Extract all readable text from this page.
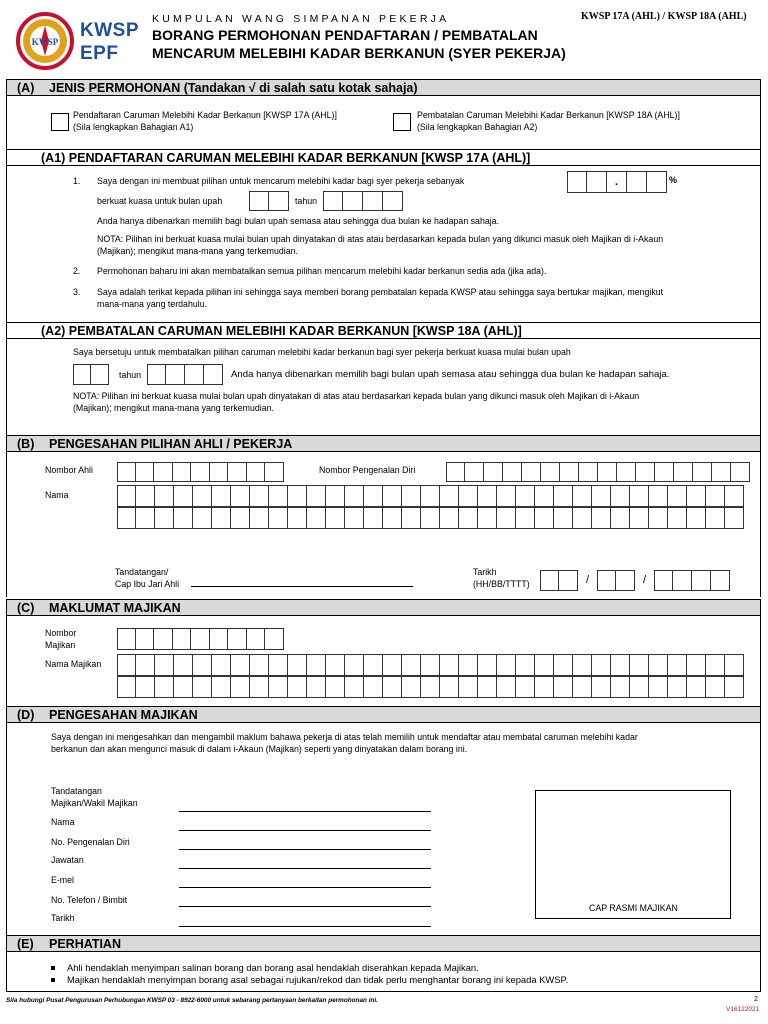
KWSP
KWSP
EPF
KUMPULAN WANG SIMPANAN PEKERJA	KWSP 17A (AHL) / KWSP 18A (AHL)
BORANG PERMOHONAN PENDAFTARAN / PEMBATALAN
MENCARUM MELEBIHI KADAR BERKANUN (SYER PEKERJA)
(A) JENIS PERMOHONAN (Tandakan √ di salah satu kotak sahaja)
Pendaftaran Caruman Melebihi Kadar Berkanun [KWSP 17A (AHL)]
(Sila lengkapkan Bahagian A1)
Pembatalan Caruman Melebihi Kadar Berkanun [KWSP 18A (AHL)]
(Sila lengkapkan Bahagian A2)
(A1) PENDAFTARAN CARUMAN MELEBIHI KADAR BERKANUN [KWSP 17A (AHL)]
1. Saya dengan ini membuat pilihan untuk mencarum melebihi kadar bagi syer pekerja sebanyak	.	%
berkuat kuasa untuk bulan upah	tahun
Anda hanya dibenarkan memilih bagi bulan upah semasa atau sehingga dua bulan ke hadapan sahaja.
NOTA: Pilihan ini berkuat kuasa mulai bulan upah dinyatakan di atas atau berdasarkan kepada bulan yang dikunci masuk oleh Majikan di i-Akaun
(Majikan); mengikut mana-mana yang terkemudian.
2. Permohonan baharu ini akan membatalkan semua pilihan mencarum melebihi kadar berkanun sedia ada (jika ada).
3. Saya adalah terikat kepada pilihan ini sehingga saya memberi borang pembatalan kepada KWSP atau sehingga saya bertukar majikan, mengikut
mana-mana yang terdahulu.
(A2) PEMBATALAN CARUMAN MELEBIHI KADAR BERKANUN [KWSP 18A (AHL)]
Saya bersetuju untuk membatalkan pilihan caruman melebihi kadar berkanun bagi syer pekerja berkuat kuasa mulai bulan upah
tahun	Anda hanya dibenarkan memilih bagi bulan upah semasa atau sehingga dua bulan ke hadapan sahaja.
NOTA: Pilihan ini berkuat kuasa mulai bulan upah dinyatakan di atas atau berdasarkan kepada bulan yang dikunci masuk oleh Majikan di i-Akaun
(Majikan); mengikut mana-mana yang terkemudian.
(B) PENGESAHAN PILIHAN AHLI / PEKERJA
Nombor Ahli	Nombor Pengenalan Diri
Nama
Tandatangan/
Cap Ibu Jari Ahli
Tarikh
(HH/BB/TTTT)	/	/
(C) MAKLUMAT MAJIKAN
Nombor
Majikan
Nama Majikan
(D) PENGESAHAN MAJIKAN
Saya dengan ini mengesahkan dan mengambil maklum bahawa pekerja di atas telah memilih untuk mendaftar atau membatal caruman melebihi kadar
berkanun dan akan mengunci masuk di dalam i-Akaun (Majikan) seperti yang dinyatakan dalam borang ini.
Tandatangan
Majikan/Wakil Majikan
Nama
No. Pengenalan Diri
Jawatan
E-mel
No. Telefon / Bimbit
Tarikh
CAP RASMI MAJIKAN
(E) PERHATIAN
Ahli hendaklah menyimpan salinan borang dan borang asal hendaklah diserahkan kepada Majikan.
Majikan hendaklah menyimpan borang asal sebagai rujukan/rekod dan tidak perlu menghantar borang ini kepada KWSP.
Sila hubungi Pusat Pengurusan Perhubungan KWSP 03 - 8922-6000 untuk sebarang pertanyaan berkaitan permohonan ini.	2
V16122021
